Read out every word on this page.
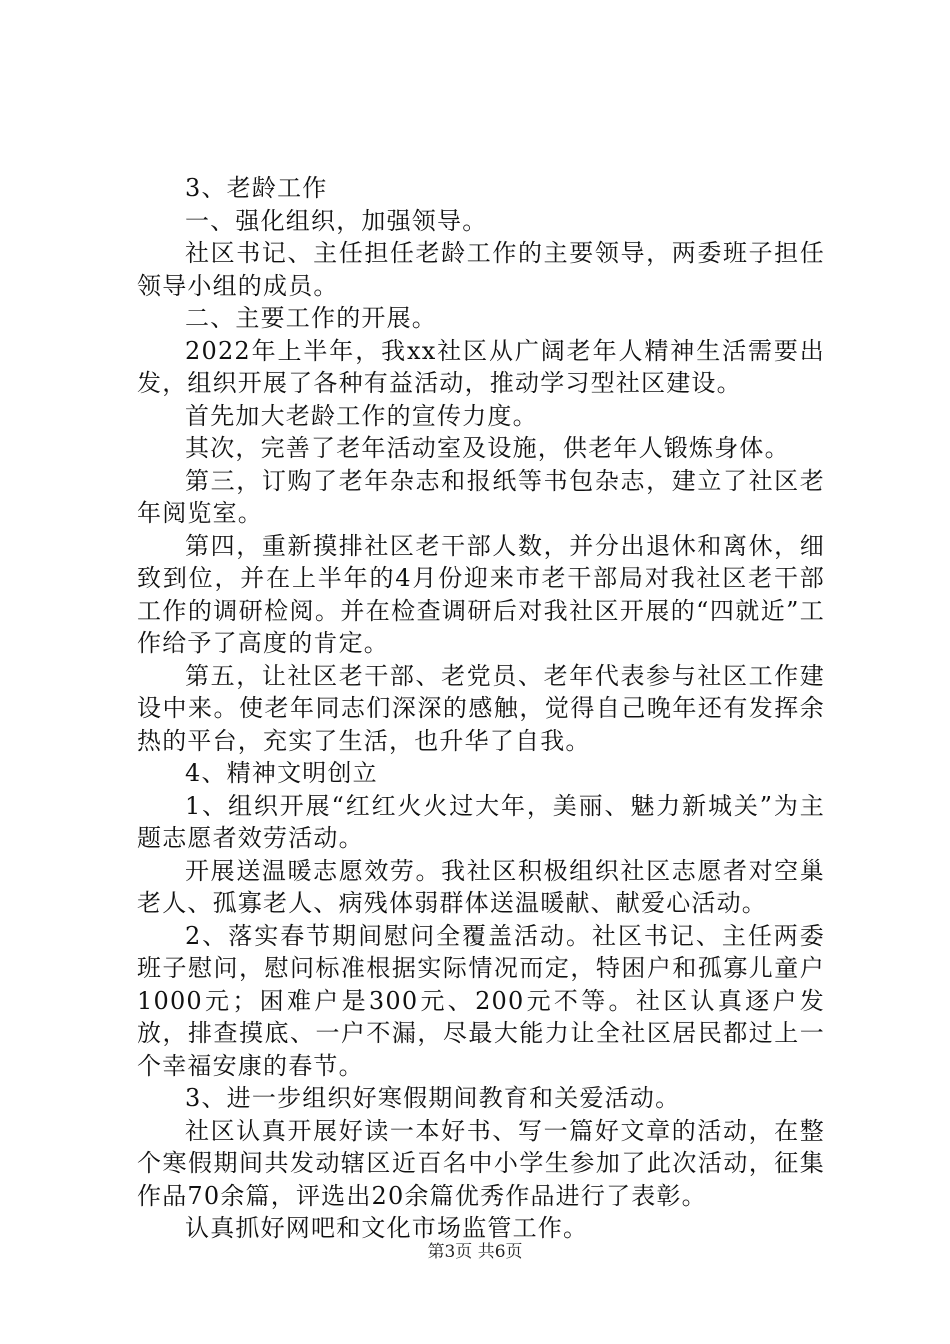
3、老龄工作

一、强化组织，加强领导。

社区书记、主任担任老龄工作的主要领导，两委班子担任领导小组的成员。

二、主要工作的开展。

2022年上半年，我xx社区从广阔老年人精神生活需要出发，组织开展了各种有益活动，推动学习型社区建设。

首先加大老龄工作的宣传力度。

其次，完善了老年活动室及设施，供老年人锻炼身体。

第三，订购了老年杂志和报纸等书包杂志，建立了社区老年阅览室。

第四，重新摸排社区老干部人数，并分出退休和离休，细致到位，并在上半年的4月份迎来市老干部局对我社区老干部工作的调研检阅。并在检查调研后对我社区开展的“四就近”工作给予了高度的肯定。

第五，让社区老干部、老党员、老年代表参与社区工作建设中来。使老年同志们深深的感触，觉得自己晚年还有发挥余热的平台，充实了生活，也升华了自我。

4、精神文明创立

1、组织开展“红红火火过大年，美丽、魅力新城关”为主题志愿者效劳活动。

开展送温暖志愿效劳。我社区积极组织社区志愿者对空巢老人、孤寡老人、病残体弱群体送温暖献、献爱心活动。

2、落实春节期间慰问全覆盖活动。社区书记、主任两委班子慰问，慰问标准根据实际情况而定，特困户和孤寡儿童户1000元；困难户是300元、200元不等。社区认真逐户发放，排查摸底、一户不漏，尽最大能力让全社区居民都过上一个幸福安康的春节。

3、进一步组织好寒假期间教育和关爱活动。

社区认真开展好读一本好书、写一篇好文章的活动，在整个寒假期间共发动辖区近百名中小学生参加了此次活动，征集作品70余篇，评选出20余篇优秀作品进行了表彰。

认真抓好网吧和文化市场监管工作。

第3页 共6页
